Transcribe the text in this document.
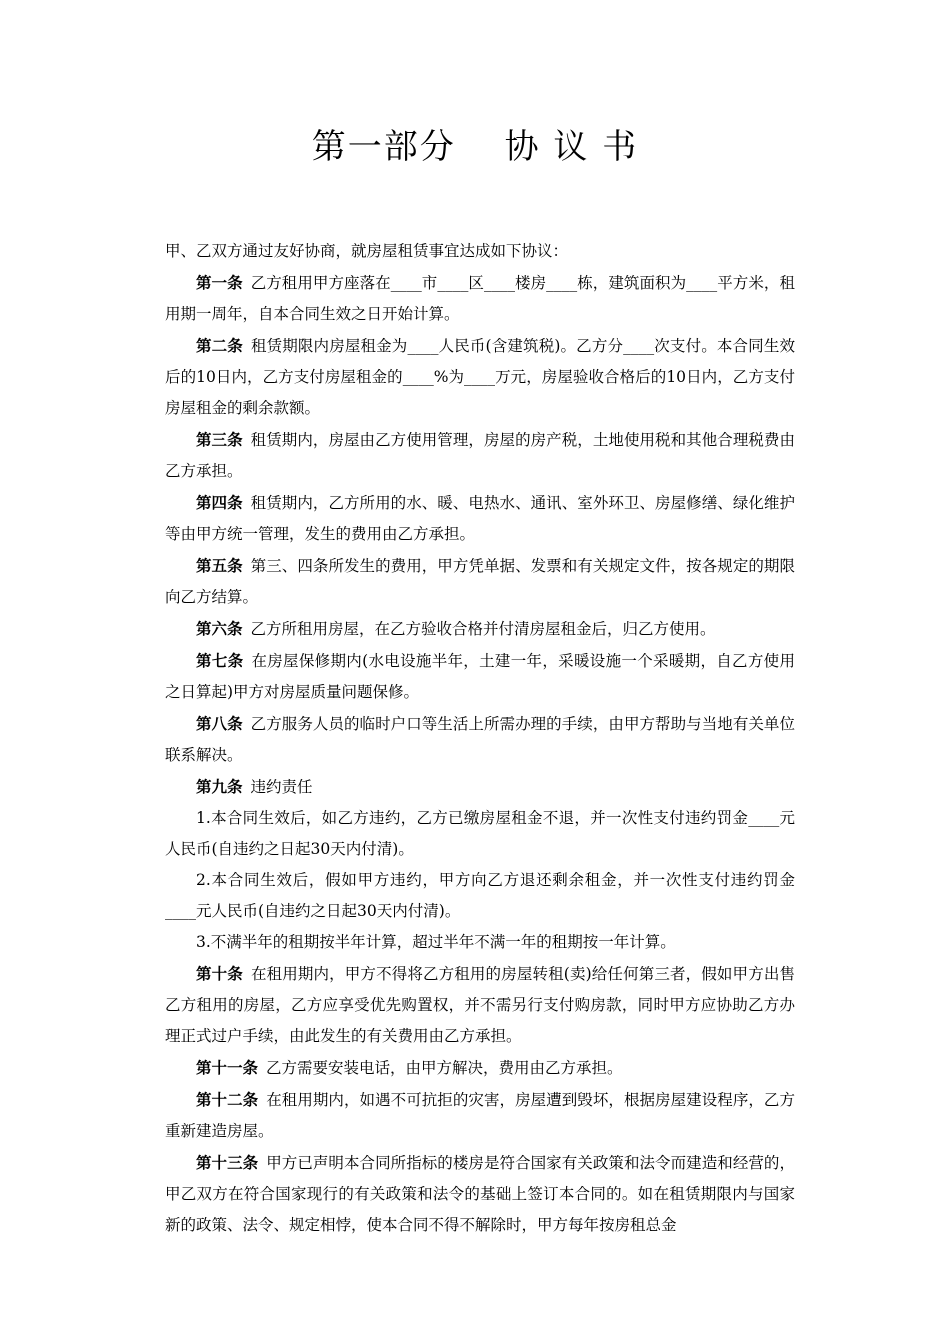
第一部分　 协 议 书

甲、乙双方通过友好协商，就房屋租赁事宜达成如下协议：

第一条 乙方租用甲方座落在____市____区____楼房____栋，建筑面积为____平方米，租用期一周年，自本合同生效之日开始计算。

第二条 租赁期限内房屋租金为____人民币(含建筑税)。乙方分____次支付。本合同生效后的10日内，乙方支付房屋租金的____%为____万元，房屋验收合格后的10日内，乙方支付房屋租金的剩余款额。

第三条 租赁期内，房屋由乙方使用管理，房屋的房产税，土地使用税和其他合理税费由乙方承担。

第四条 租赁期内，乙方所用的水、暖、电热水、通讯、室外环卫、房屋修缮、绿化维护等由甲方统一管理，发生的费用由乙方承担。

第五条 第三、四条所发生的费用，甲方凭单据、发票和有关规定文件，按各规定的期限向乙方结算。

第六条 乙方所租用房屋，在乙方验收合格并付清房屋租金后，归乙方使用。

第七条 在房屋保修期内(水电设施半年，土建一年，采暖设施一个采暖期，自乙方使用之日算起)甲方对房屋质量问题保修。

第八条 乙方服务人员的临时户口等生活上所需办理的手续，由甲方帮助与当地有关单位联系解决。

第九条 违约责任

1.本合同生效后，如乙方违约，乙方已缴房屋租金不退，并一次性支付违约罚金____元人民币(自违约之日起30天内付清)。

2.本合同生效后，假如甲方违约，甲方向乙方退还剩余租金，并一次性支付违约罚金____元人民币(自违约之日起30天内付清)。

3.不满半年的租期按半年计算，超过半年不满一年的租期按一年计算。

第十条 在租用期内，甲方不得将乙方租用的房屋转租(卖)给任何第三者，假如甲方出售乙方租用的房屋，乙方应享受优先购置权，并不需另行支付购房款，同时甲方应协助乙方办理正式过户手续，由此发生的有关费用由乙方承担。

第十一条 乙方需要安装电话，由甲方解决，费用由乙方承担。

第十二条 在租用期内，如遇不可抗拒的灾害，房屋遭到毁坏，根据房屋建设程序，乙方重新建造房屋。

第十三条 甲方已声明本合同所指标的楼房是符合国家有关政策和法令而建造和经营的，甲乙双方在符合国家现行的有关政策和法令的基础上签订本合同的。如在租赁期限内与国家新的政策、法令、规定相悖，使本合同不得不解除时，甲方每年按房租总金
